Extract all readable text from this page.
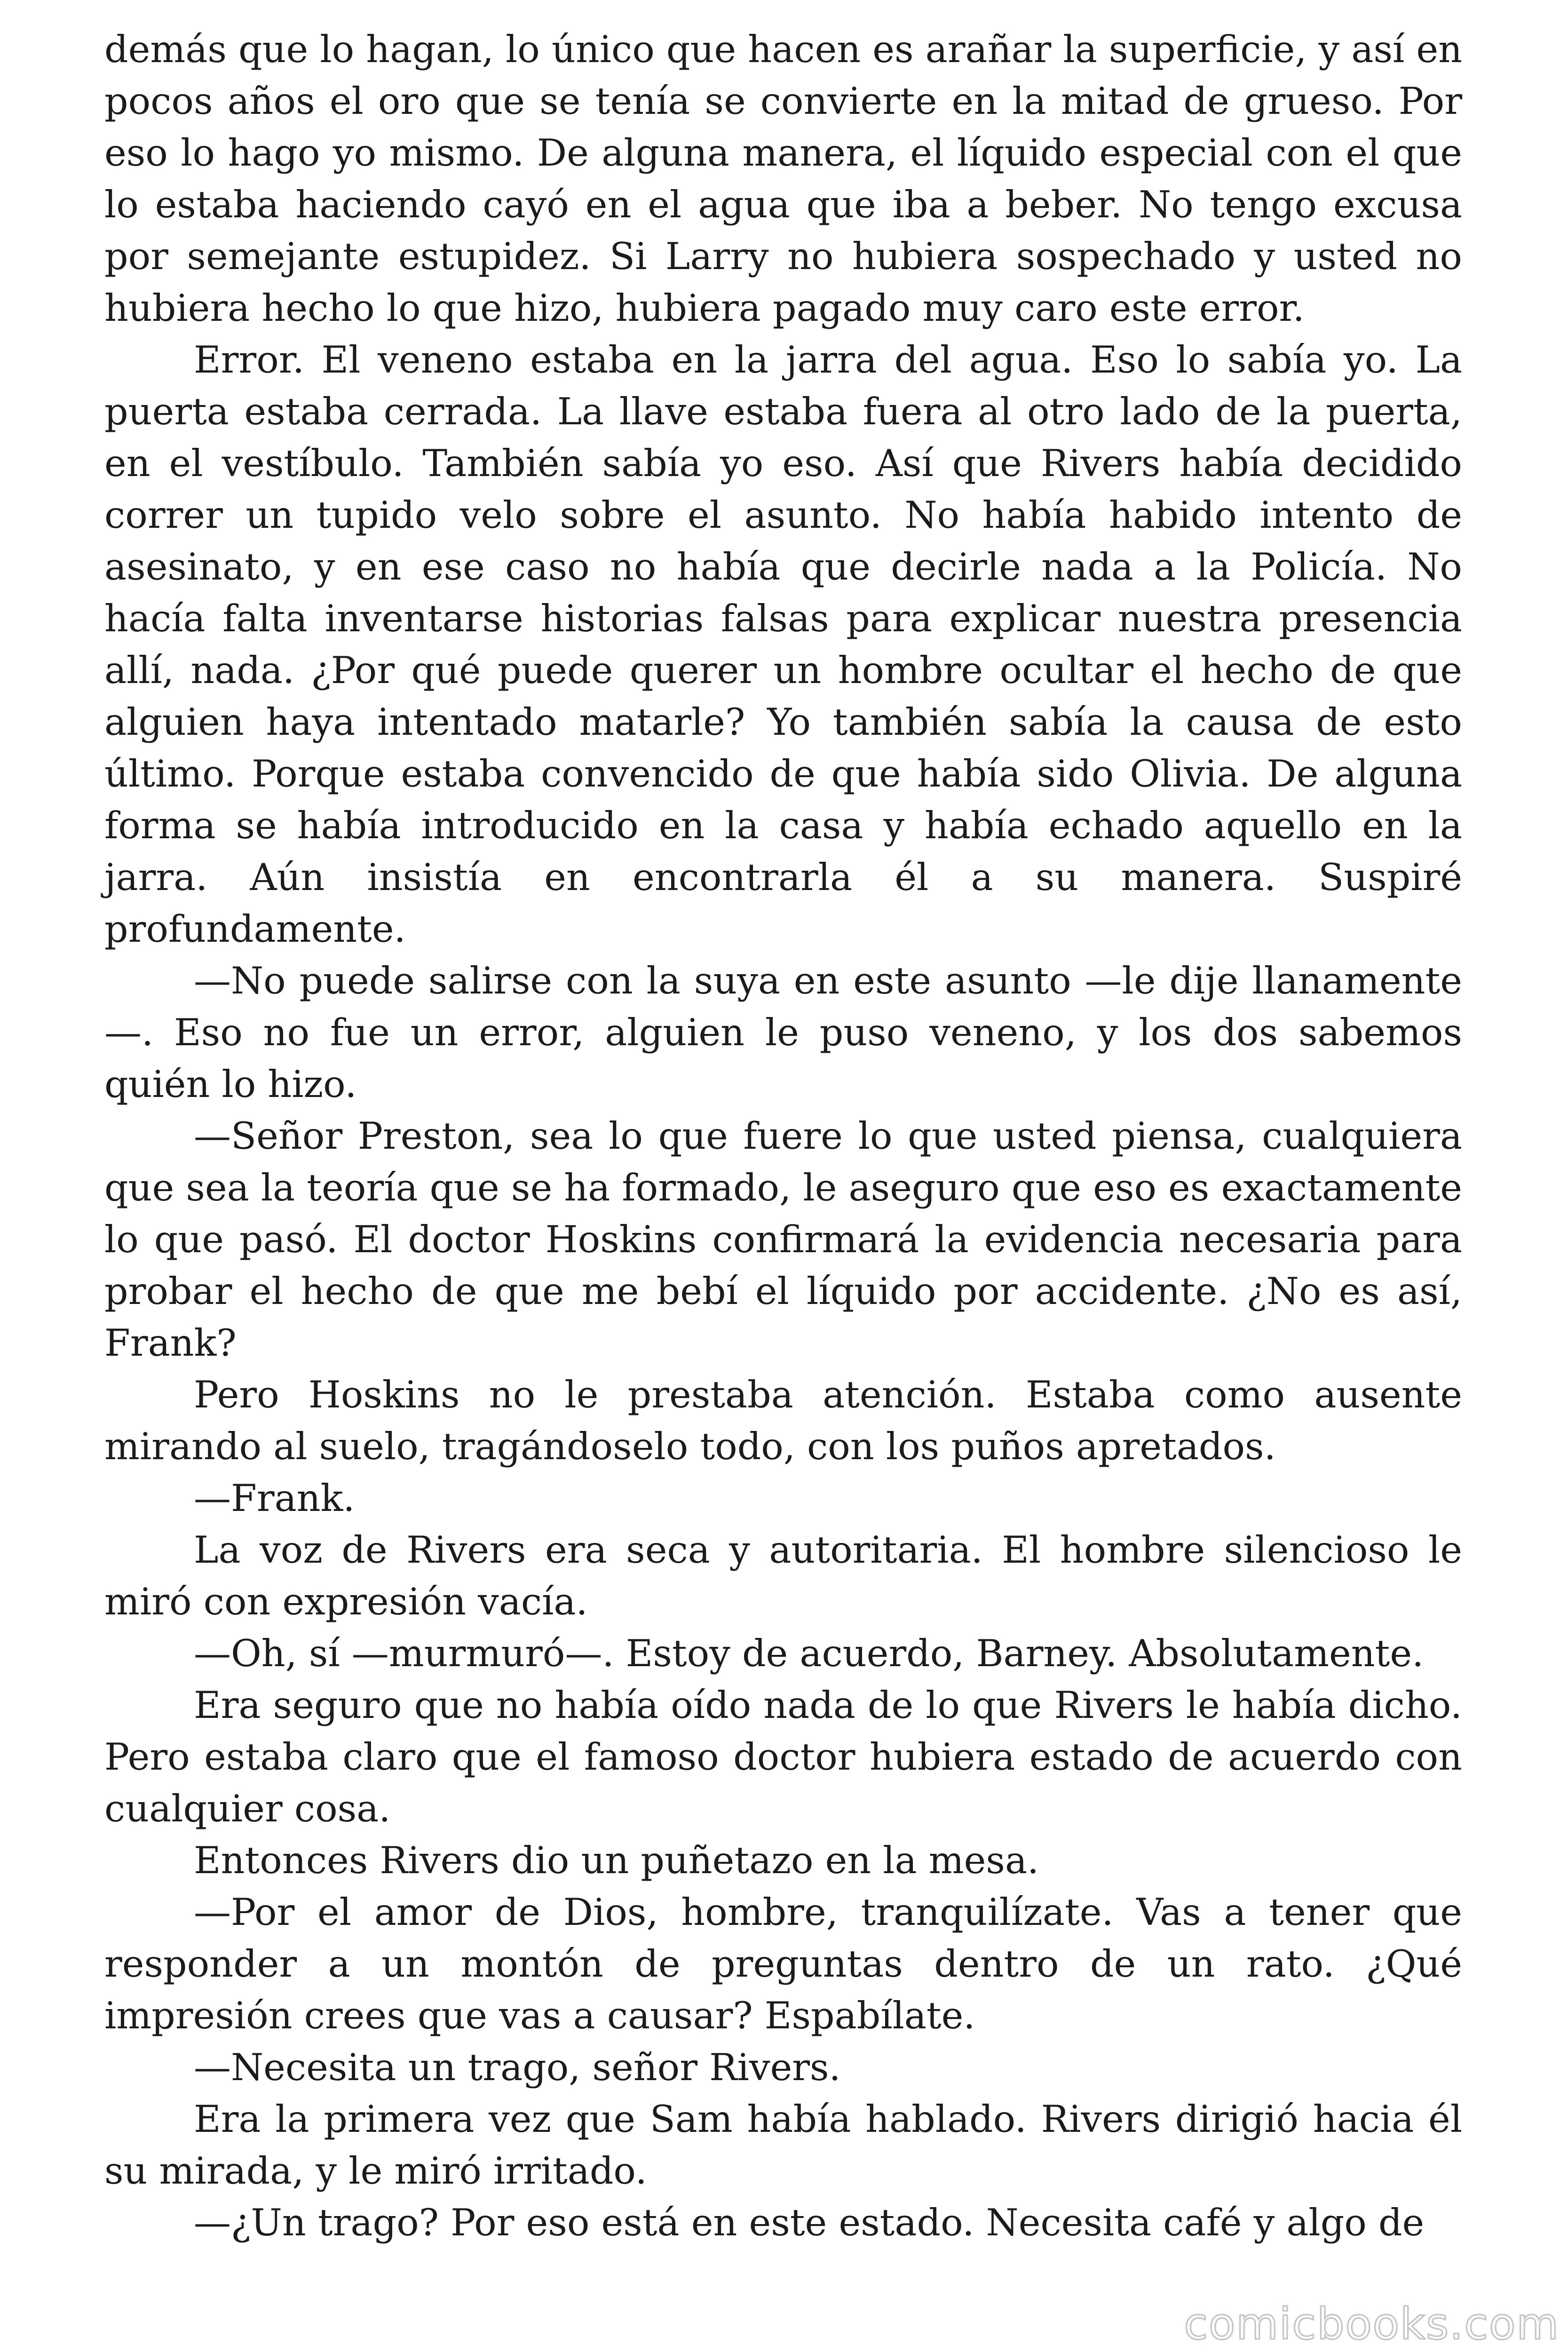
demás que lo hagan, lo único que hacen es arañar la superficie, y así en pocos años el oro que se tenía se convierte en la mitad de grueso. Por eso lo hago yo mismo. De alguna manera, el líquido especial con el que lo estaba haciendo cayó en el agua que iba a beber. No tengo excusa por semejante estupidez. Si Larry no hubiera sospechado y usted no hubiera hecho lo que hizo, hubiera pagado muy caro este error.

Error. El veneno estaba en la jarra del agua. Eso lo sabía yo. La puerta estaba cerrada. La llave estaba fuera al otro lado de la puerta, en el vestíbulo. También sabía yo eso. Así que Rivers había decidido correr un tupido velo sobre el asunto. No había habido intento de asesinato, y en ese caso no había que decirle nada a la Policía. No hacía falta inventarse historias falsas para explicar nuestra presencia allí, nada. ¿Por qué puede querer un hombre ocultar el hecho de que alguien haya intentado matarle? Yo también sabía la causa de esto último. Porque estaba convencido de que había sido Olivia. De alguna forma se había introducido en la casa y había echado aquello en la jarra. Aún insistía en encontrarla él a su manera. Suspiré profundamente.

—No puede salirse con la suya en este asunto —le dije llanamente —. Eso no fue un error, alguien le puso veneno, y los dos sabemos quién lo hizo.

—Señor Preston, sea lo que fuere lo que usted piensa, cualquiera que sea la teoría que se ha formado, le aseguro que eso es exactamente lo que pasó. El doctor Hoskins confirmará la evidencia necesaria para probar el hecho de que me bebí el líquido por accidente. ¿No es así, Frank?

Pero Hoskins no le prestaba atención. Estaba como ausente mirando al suelo, tragándoselo todo, con los puños apretados.

—Frank.

La voz de Rivers era seca y autoritaria. El hombre silencioso le miró con expresión vacía.

—Oh, sí —murmuró—. Estoy de acuerdo, Barney. Absolutamente.

Era seguro que no había oído nada de lo que Rivers le había dicho. Pero estaba claro que el famoso doctor hubiera estado de acuerdo con cualquier cosa.

Entonces Rivers dio un puñetazo en la mesa.

—Por el amor de Dios, hombre, tranquilízate. Vas a tener que responder a un montón de preguntas dentro de un rato. ¿Qué impresión crees que vas a causar? Espabílate.

—Necesita un trago, señor Rivers.

Era la primera vez que Sam había hablado. Rivers dirigió hacia él su mirada, y le miró irritado.

—¿Un trago? Por eso está en este estado. Necesita café y algo de

comicbooks.com
